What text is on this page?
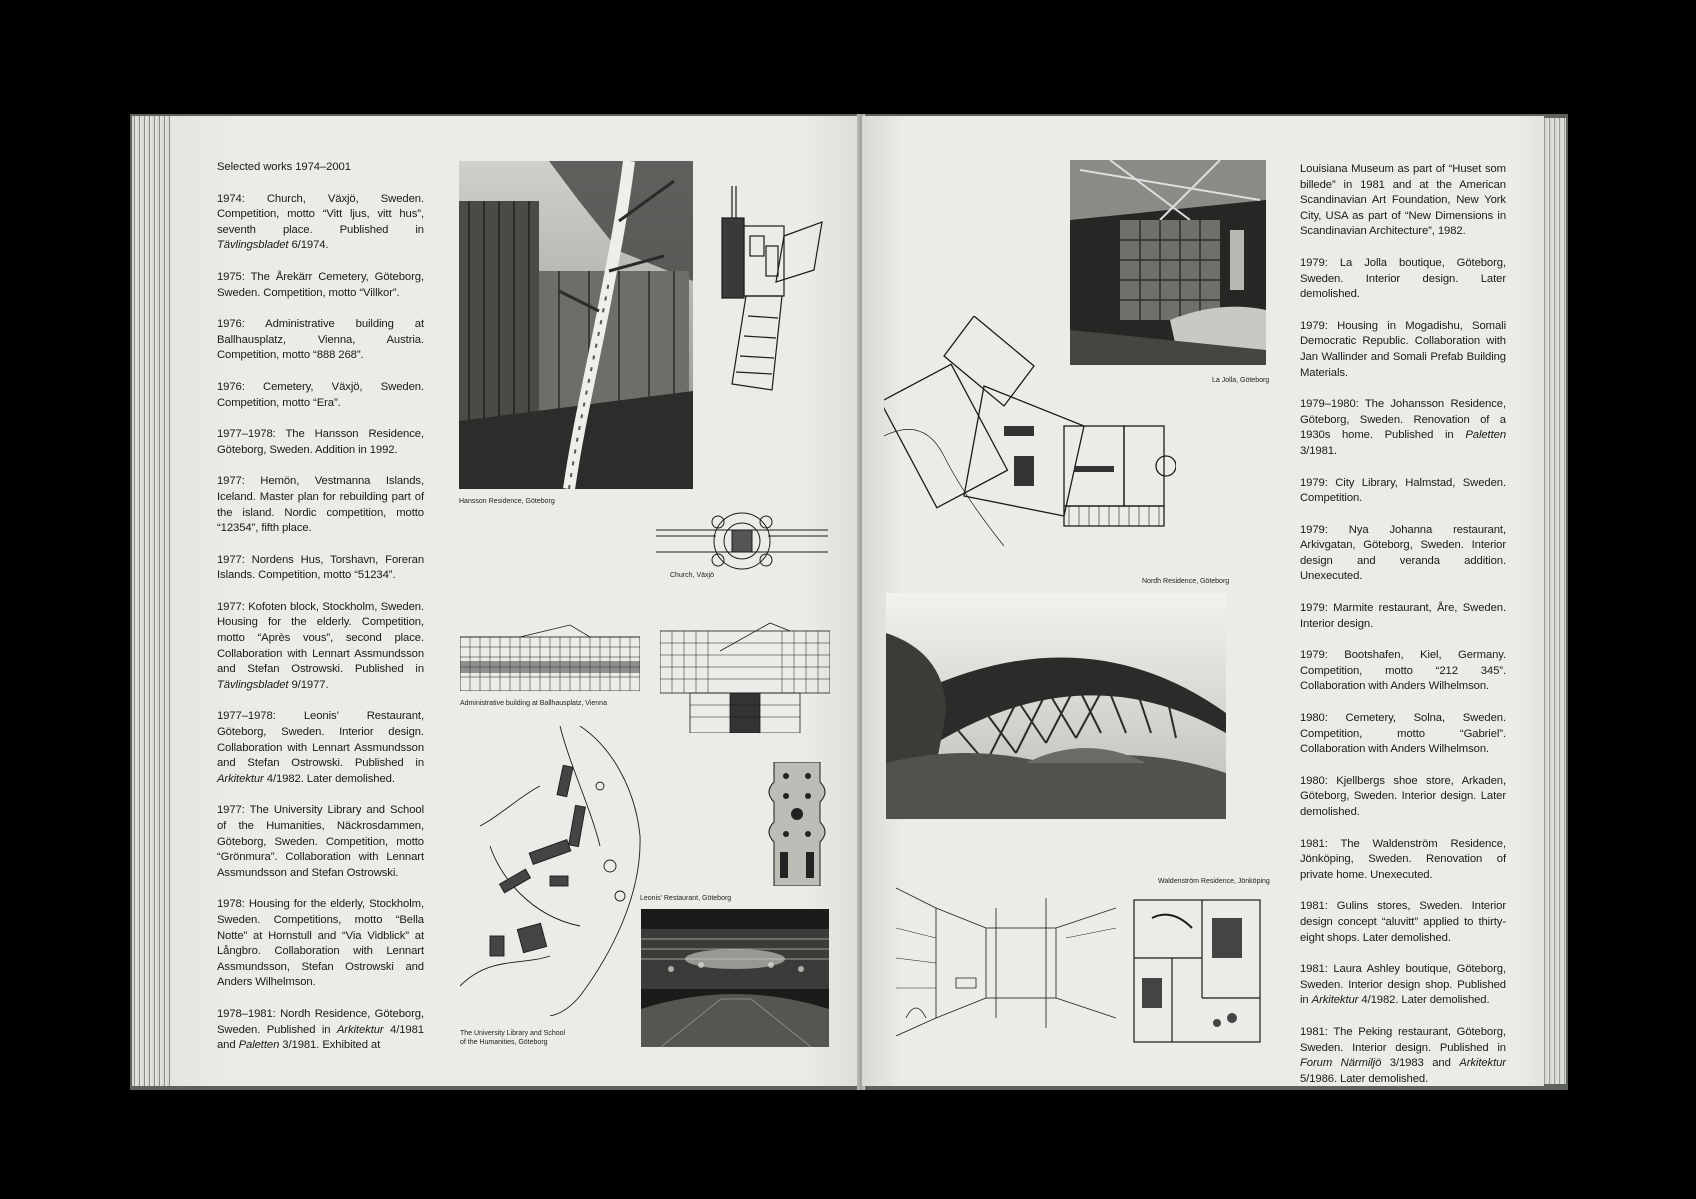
Selected works 1974–2001

1974: Church, Växjö, Sweden. Competition, motto “Vitt ljus, vitt hus”, seventh place. Published in Tävlingsbladet 6/1974.

1975: The Årekärr Cemetery, Göteborg, Sweden. Competition, motto “Villkor”.

1976: Administrative building at Ballhausplatz, Vienna, Austria. Competition, motto “888 268”.

1976: Cemetery, Växjö, Sweden. Competition, motto “Era”.

1977–1978: The Hansson Residence, Göteborg, Sweden. Addition in 1992.

1977: Hemön, Vestmanna Islands, Iceland. Master plan for rebuilding part of the island. Nordic competition, motto “12354”, fifth place.

1977: Nordens Hus, Torshavn, Foreran Islands. Competition, motto “51234”.

1977: Kofoten block, Stockholm, Sweden. Housing for the elderly. Competition, motto “Après vous”, second place. Collaboration with Lennart Assmundsson and Stefan Ostrowski. Published in Tävlingsbladet 9/1977.

1977–1978: Leonis’ Restaurant, Göteborg, Sweden. Interior design. Collaboration with Lennart Assmundsson and Stefan Ostrowski. Published in Arkitektur 4/1982. Later demolished.

1977: The University Library and School of the Humanities, Näckrosdammen, Göteborg, Sweden. Competition, motto “Grönmura”. Collaboration with Lennart Assmundsson and Stefan Ostrowski.

1978: Housing for the elderly, Stockholm, Sweden. Competitions, motto “Bella Notte” at Hornstull and “Via Vidblick” at Långbro. Collaboration with Lennart Assmundsson, Stefan Ostrowski and Anders Wilhelmson.

1978–1981: Nordh Residence, Göteborg, Sweden. Published in Arkitektur 4/1981 and Paletten 3/1981. Exhibited at

Hansson Residence, Göteborg
Church, Växjö
Administrative building at Ballhausplatz, Vienna
The University Library and School
of the Humanities, Göteborg
Leonis’ Restaurant, Göteborg
La Jolla, Göteborg
Nordh Residence, Göteborg
Waldenström Residence, Jönköping

Louisiana Museum as part of “Huset som billede” in 1981 and at the American Scandinavian Art Foundation, New York City, USA as part of “New Dimensions in Scandinavian Architecture”, 1982.

1979: La Jolla boutique, Göteborg, Sweden. Interior design. Later demolished.

1979: Housing in Mogadishu, Somali Democratic Republic. Collaboration with Jan Wallinder and Somali Prefab Building Materials.

1979–1980: The Johansson Residence, Göteborg, Sweden. Renovation of a 1930s home. Published in Paletten 3/1981.

1979: City Library, Halmstad, Sweden. Competition.

1979: Nya Johanna restaurant, Arkivgatan, Göteborg, Sweden. Interior design and veranda addition. Unexecuted.

1979: Marmite restaurant, Åre, Sweden. Interior design.

1979: Bootshafen, Kiel, Germany. Competition, motto “212 345”. Collaboration with Anders Wilhelmson.

1980: Cemetery, Solna, Sweden. Competition, motto “Gabriel”. Collaboration with Anders Wilhelmson.

1980: Kjellbergs shoe store, Arkaden, Göteborg, Sweden. Interior design. Later demolished.

1981: The Waldenström Residence, Jönköping, Sweden. Renovation of private home. Unexecuted.

1981: Gulins stores, Sweden. Interior design concept “aluvitt” applied to thirty-eight shops. Later demolished.

1981: Laura Ashley boutique, Göteborg, Sweden. Interior design shop. Published in Arkitektur 4/1982. Later demolished.

1981: The Peking restaurant, Göteborg, Sweden. Interior design. Published in Forum Närmiljö 3/1983 and Arkitektur 5/1986. Later demolished.
